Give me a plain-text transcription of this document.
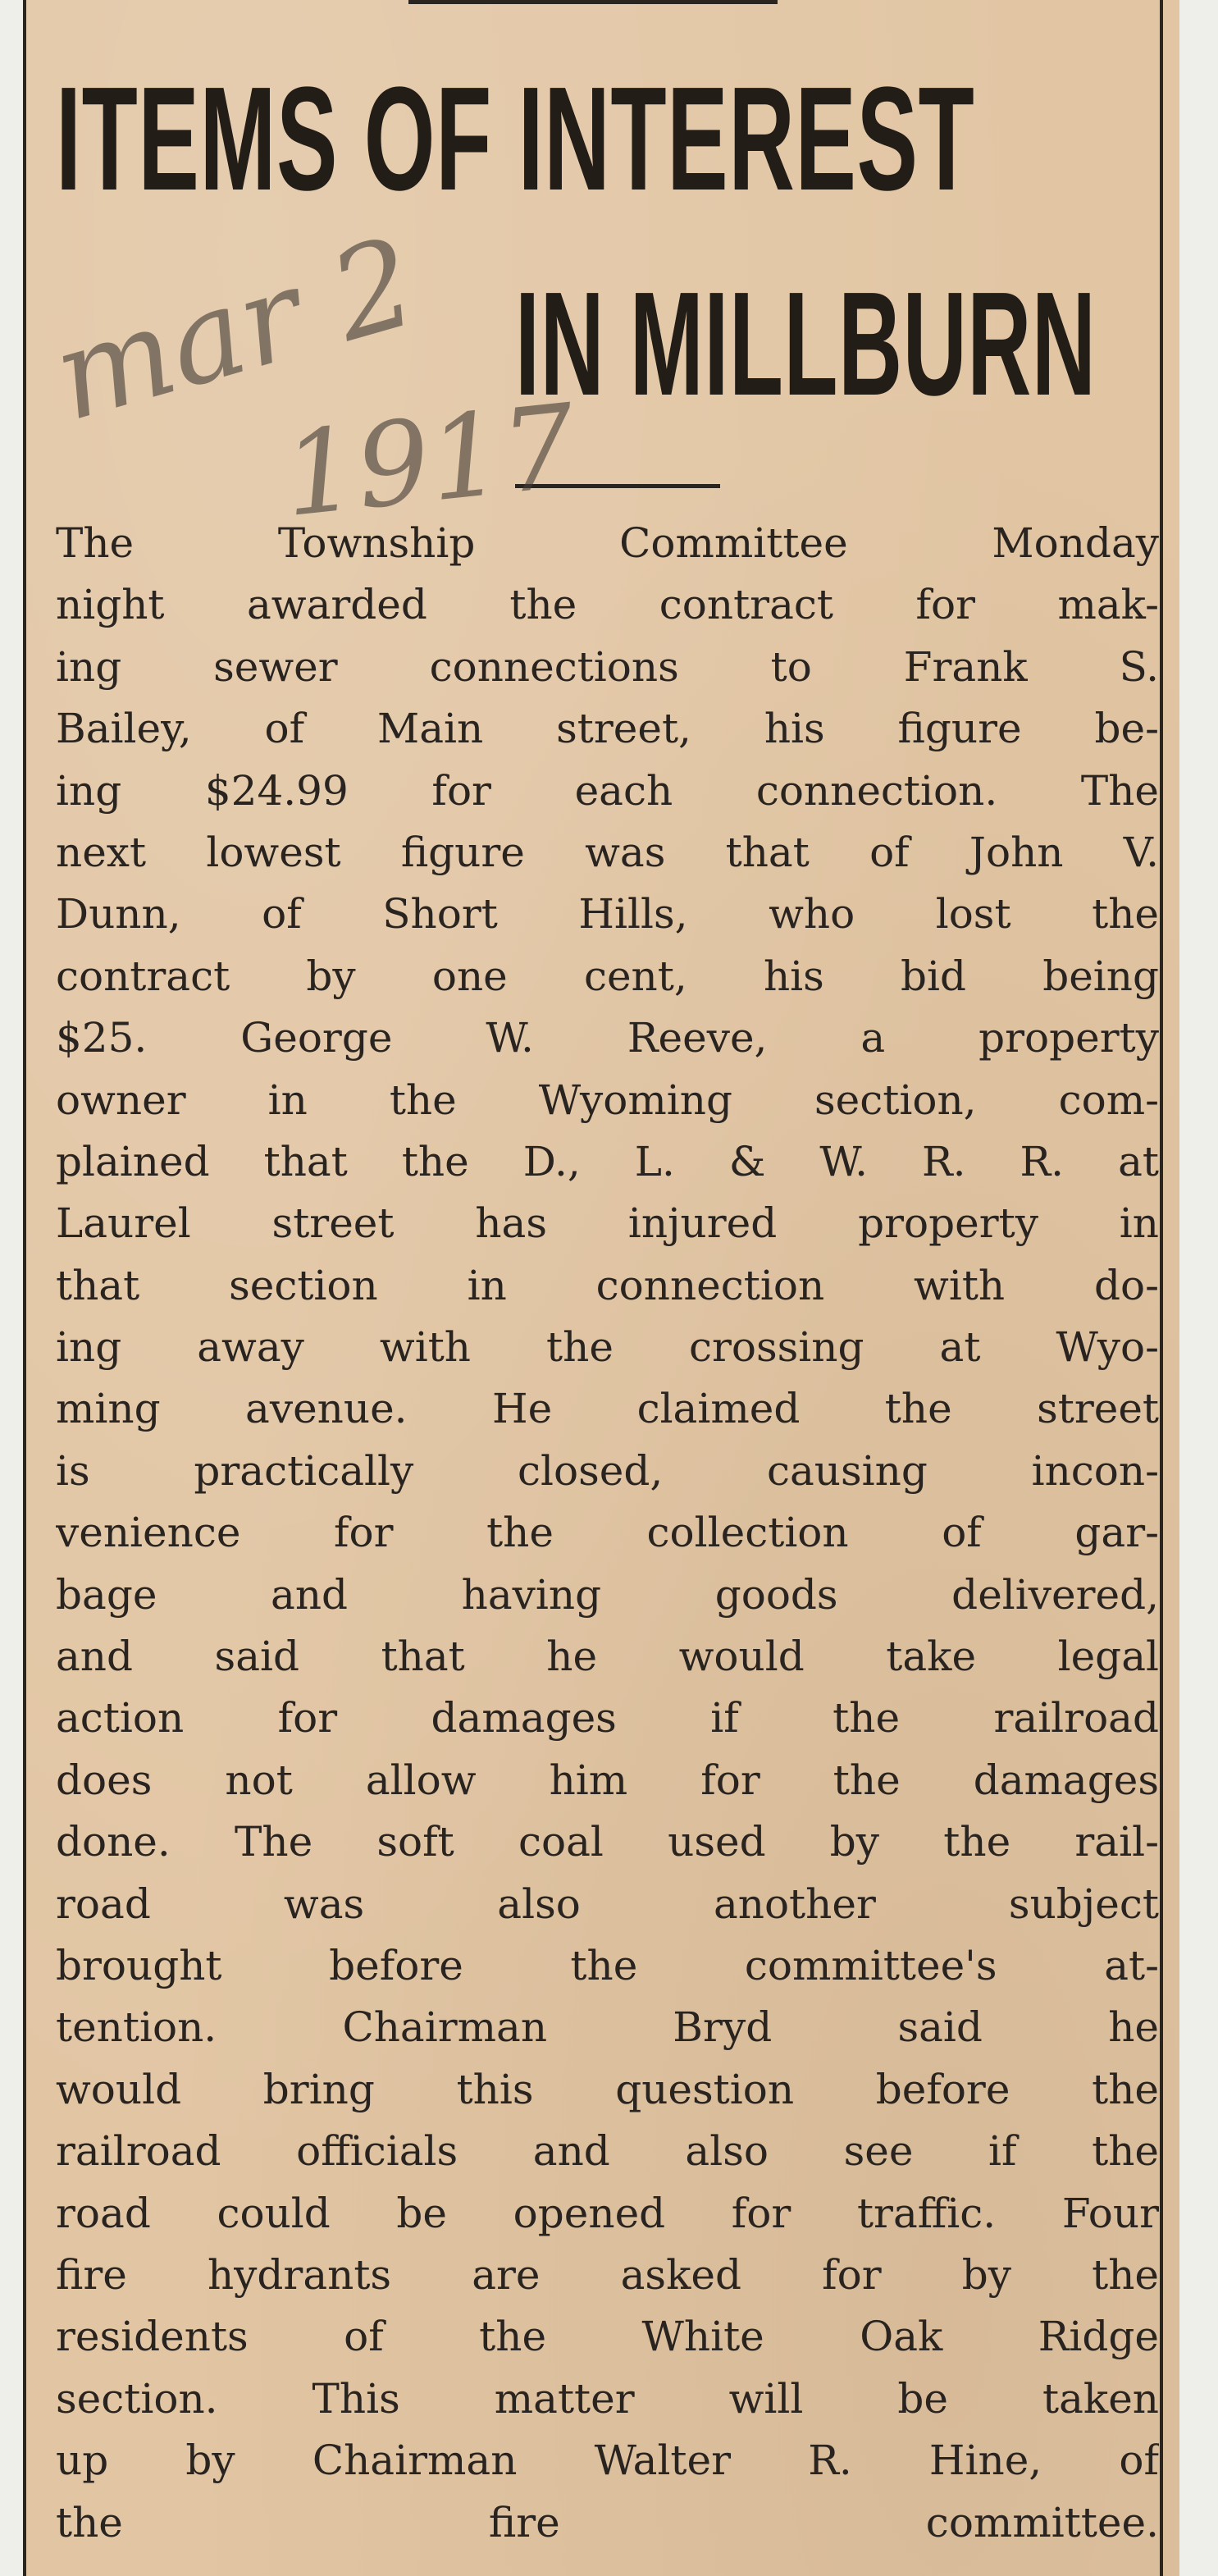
ITEMS OF INTEREST
IN MILLBURN
mar 2
1917
The Township Committee Monday
night awarded the contract for mak-
ing sewer connections to Frank S.
Bailey, of Main street, his figure be-
ing $24.99 for each connection. The
next lowest figure was that of John V.
Dunn, of Short Hills, who lost the
contract by one cent, his bid being
$25. George W. Reeve, a property
owner in the Wyoming section, com-
plained that the D., L. & W. R. R. at
Laurel street has injured property in
that section in connection with do-
ing away with the crossing at Wyo-
ming avenue. He claimed the street
is practically closed, causing incon-
venience for the collection of gar-
bage and having goods delivered,
and said that he would take legal
action for damages if the railroad
does not allow him for the damages
done. The soft coal used by the rail-
road was also another subject
brought before the committee's at-
tention. Chairman Bryd said he
would bring this question before the
railroad officials and also see if the
road could be opened for traffic. Four
fire hydrants are asked for by the
residents of the White Oak Ridge
section. This matter will be taken
up by Chairman Walter R. Hine, of
the fire committee.
